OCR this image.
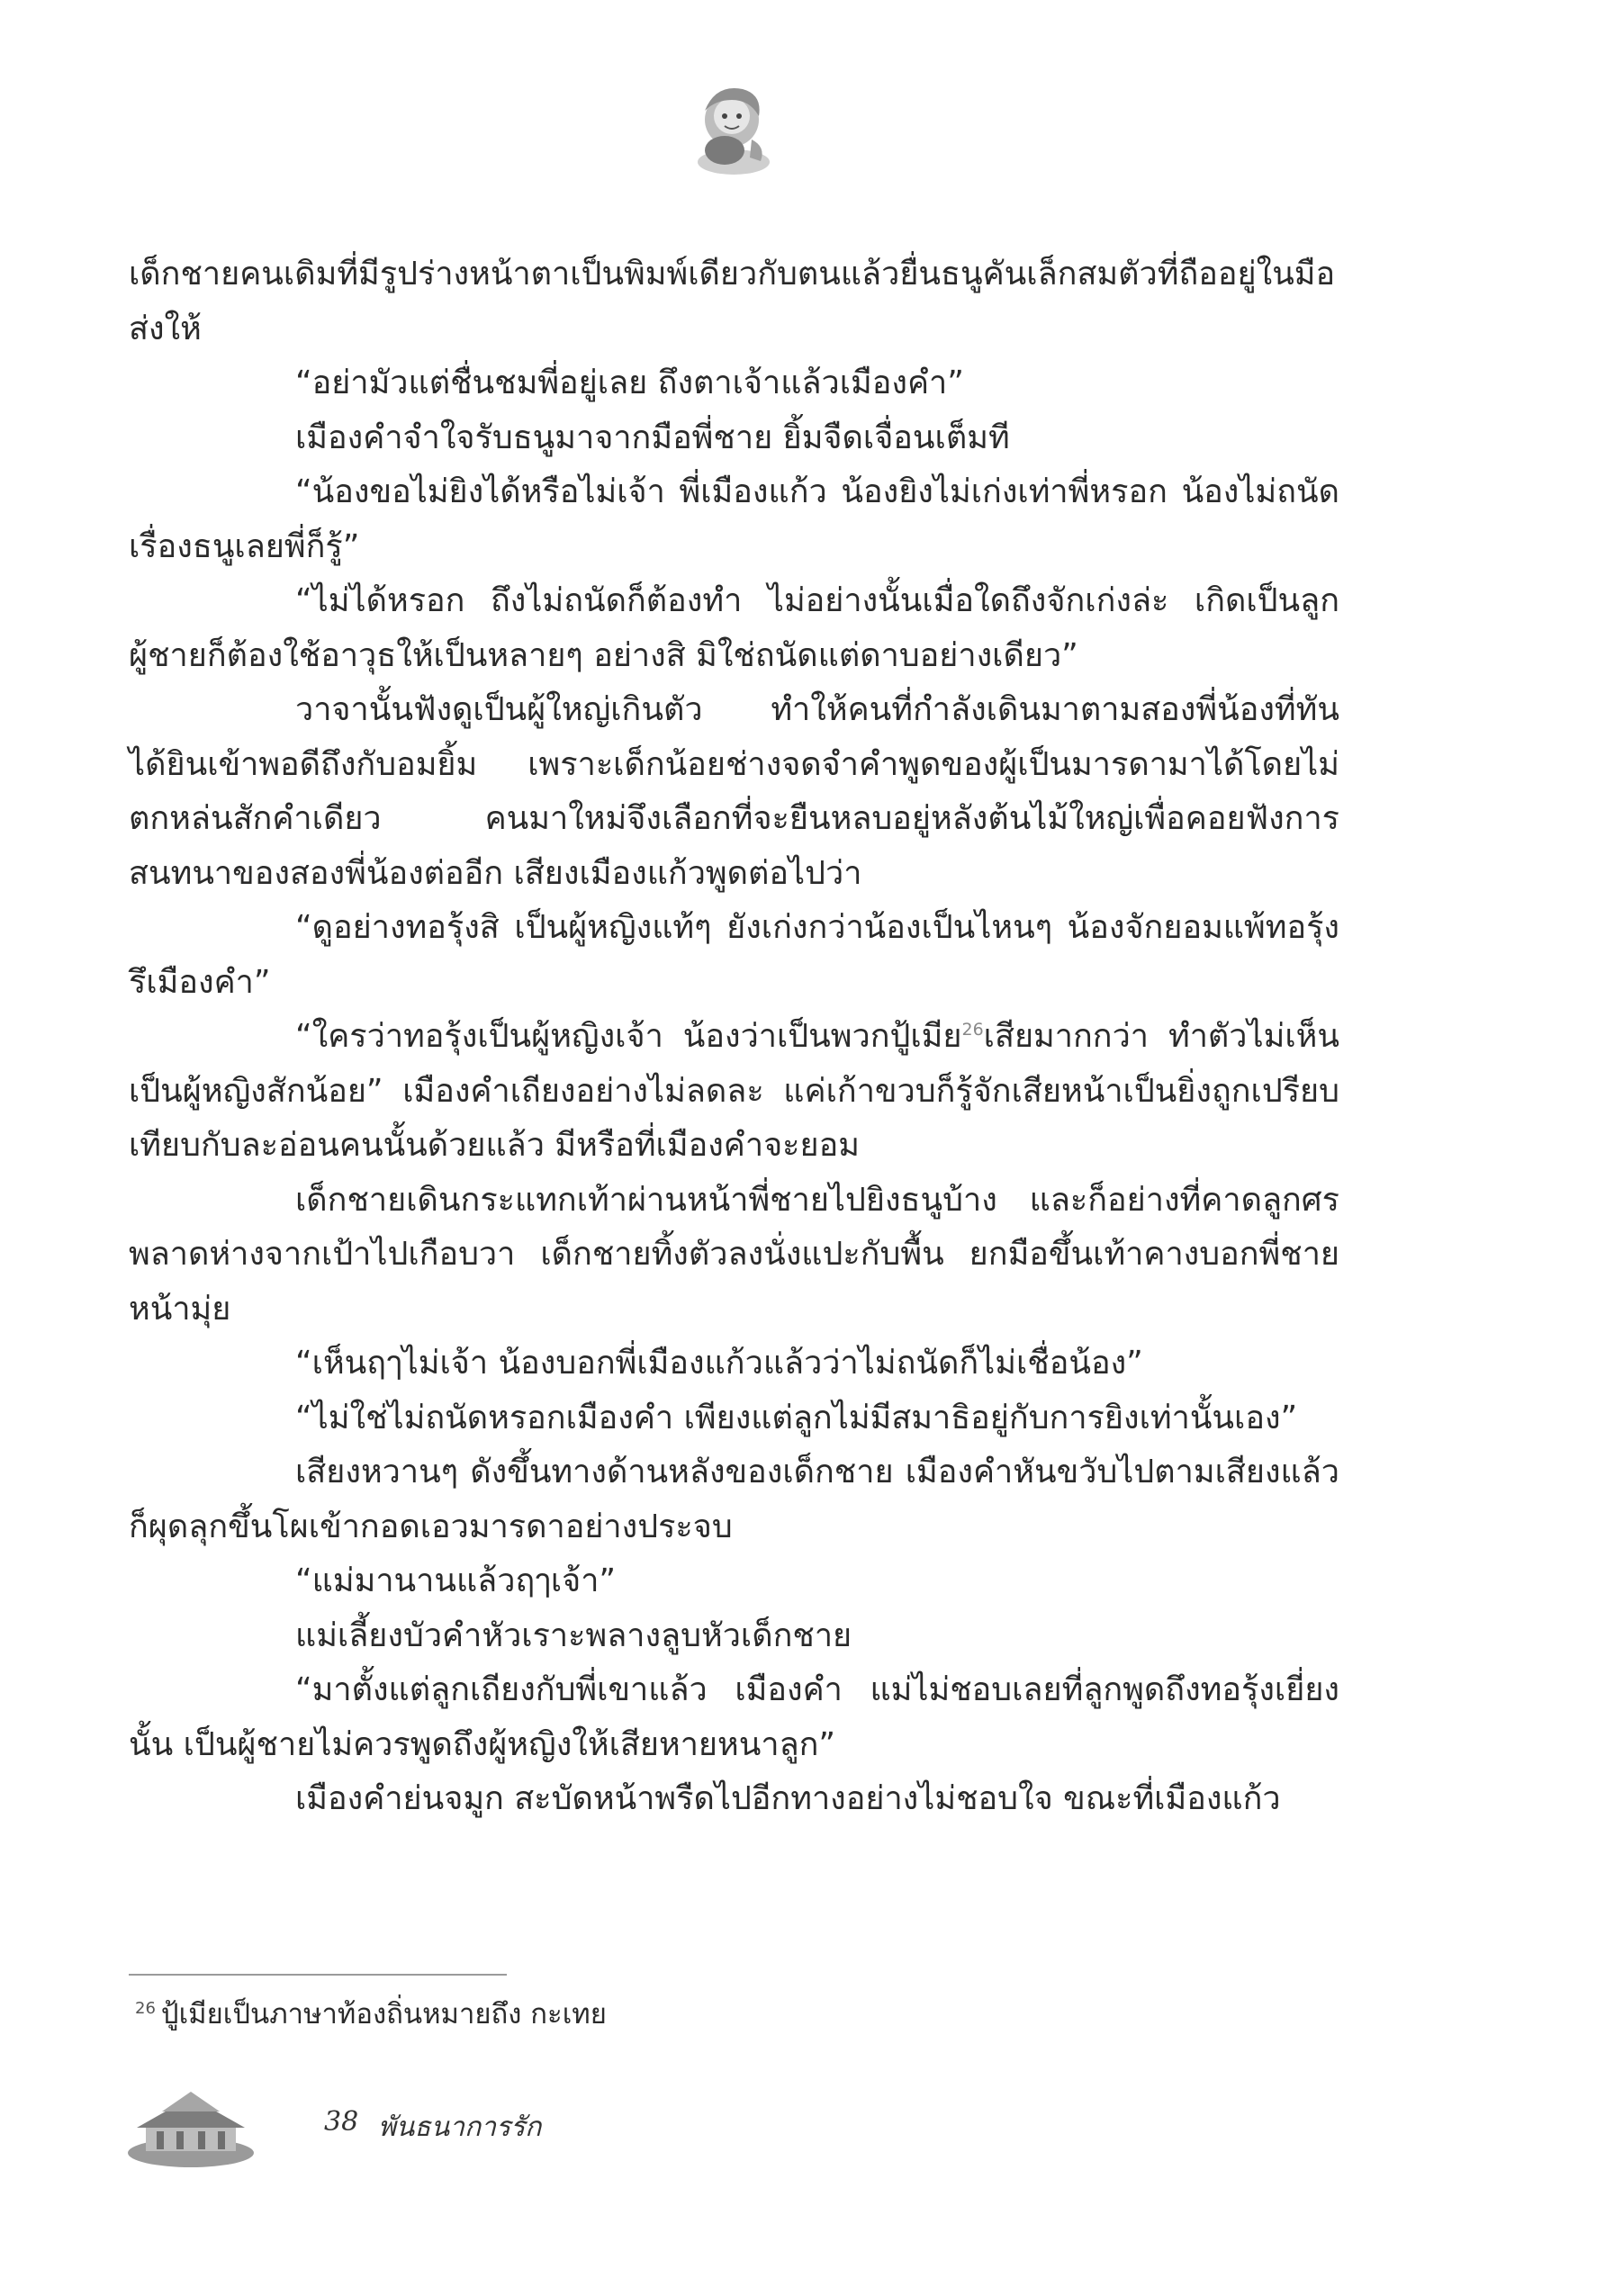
เด็กชายคนเดิมที่มีรูปร่างหน้าตาเป็นพิมพ์เดียวกับตนแล้วยื่นธนูคันเล็กสมตัวที่ถืออยู่ในมือส่งให้

“อย่ามัวแต่ชื่นชมพี่อยู่เลย ถึงตาเจ้าแล้วเมืองคำ”

เมืองคำจำใจรับธนูมาจากมือพี่ชาย ยิ้มจืดเจื่อนเต็มที

“น้องขอไม่ยิงได้หรือไม่เจ้า พี่เมืองแก้ว น้องยิงไม่เก่งเท่าพี่หรอก น้องไม่ถนัดเรื่องธนูเลยพี่ก็รู้”

“ไม่ได้หรอก ถึงไม่ถนัดก็ต้องทำ ไม่อย่างนั้นเมื่อใดถึงจักเก่งล่ะ เกิดเป็นลูกผู้ชายก็ต้องใช้อาวุธให้เป็นหลายๆ อย่างสิ มิใช่ถนัดแต่ดาบอย่างเดียว”

วาจานั้นฟังดูเป็นผู้ใหญ่เกินตัว ทำให้คนที่กำลังเดินมาตามสองพี่น้องที่ทันได้ยินเข้าพอดีถึงกับอมยิ้ม เพราะเด็กน้อยช่างจดจำคำพูดของผู้เป็นมารดามาได้โดยไม่ตกหล่นสักคำเดียว คนมาใหม่จึงเลือกที่จะยืนหลบอยู่หลังต้นไม้ใหญ่เพื่อคอยฟังการสนทนาของสองพี่น้องต่ออีก เสียงเมืองแก้วพูดต่อไปว่า

“ดูอย่างทอรุ้งสิ เป็นผู้หญิงแท้ๆ ยังเก่งกว่าน้องเป็นไหนๆ น้องจักยอมแพ้ทอรุ้งรึเมืองคำ”

“ใครว่าทอรุ้งเป็นผู้หญิงเจ้า น้องว่าเป็นพวกปู้เมีย$^{26}$เสียมากกว่า ทำตัวไม่เห็นเป็นผู้หญิงสักน้อย” เมืองคำเถียงอย่างไม่ลดละ แค่เก้าขวบก็รู้จักเสียหน้าเป็นยิ่งถูกเปรียบเทียบกับละอ่อนคนนั้นด้วยแล้ว มีหรือที่เมืองคำจะยอม

เด็กชายเดินกระแทกเท้าผ่านหน้าพี่ชายไปยิงธนูบ้าง และก็อย่างที่คาดลูกศรพลาดห่างจากเป้าไปเกือบวา เด็กชายทิ้งตัวลงนั่งแปะกับพื้น ยกมือขึ้นเท้าคางบอกพี่ชายหน้ามุ่ย

“เห็นฤๅไม่เจ้า น้องบอกพี่เมืองแก้วแล้วว่าไม่ถนัดก็ไม่เชื่อน้อง”

“ไม่ใช่ไม่ถนัดหรอกเมืองคำ เพียงแต่ลูกไม่มีสมาธิอยู่กับการยิงเท่านั้นเอง”

เสียงหวานๆ ดังขึ้นทางด้านหลังของเด็กชาย เมืองคำหันขวับไปตามเสียงแล้วก็ผุดลุกขึ้นโผเข้ากอดเอวมารดาอย่างประจบ

“แม่มานานแล้วฤๅเจ้า”

แม่เลี้ยงบัวคำหัวเราะพลางลูบหัวเด็กชาย

“มาตั้งแต่ลูกเถียงกับพี่เขาแล้ว เมืองคำ แม่ไม่ชอบเลยที่ลูกพูดถึงทอรุ้งเยี่ยงนั้น เป็นผู้ชายไม่ควรพูดถึงผู้หญิงให้เสียหายหนาลูก”

เมืองคำย่นจมูก สะบัดหน้าพรืดไปอีกทางอย่างไม่ชอบใจ ขณะที่เมืองแก้ว

$^{26}$ ปู้เมียเป็นภาษาท้องถิ่นหมายถึง กะเทย
38 พันธนาการรัก
